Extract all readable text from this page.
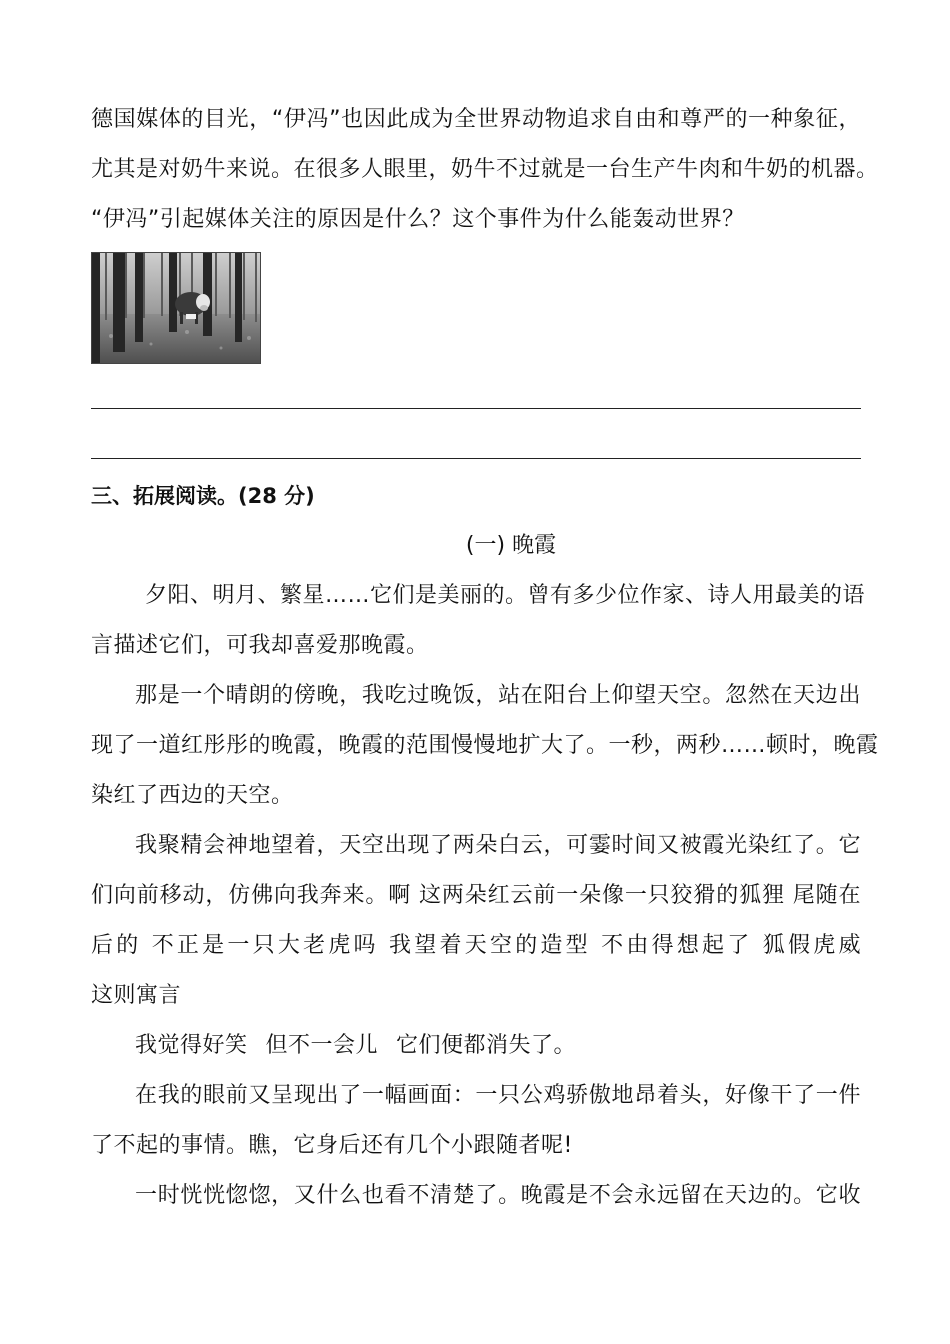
德国媒体的目光，“伊冯”也因此成为全世界动物追求自由和尊严的一种象征，
尤其是对奶牛来说。在很多人眼里，奶牛不过就是一台生产牛肉和牛奶的机器。
“伊冯”引起媒体关注的原因是什么？这个事件为什么能轰动世界？
三、拓展阅读。(28 分)
(一) 晚霞
夕阳、明月、繁星……它们是美丽的。曾有多少位作家、诗人用最美的语
言描述它们，可我却喜爱那晚霞。
那是一个晴朗的傍晚，我吃过晚饭，站在阳台上仰望天空。忽然在天边出
现了一道红彤彤的晚霞，晚霞的范围慢慢地扩大了。一秒，两秒……顿时，晚霞
染红了西边的天空。
我聚精会神地望着，天空出现了两朵白云，可霎时间又被霞光染红了。它
们向前移动，仿佛向我奔来。啊 这两朵红云前一朵像一只狡猾的狐狸 尾随在
后的 不正是一只大老虎吗 我望着天空的造型 不由得想起了 狐假虎威
这则寓言
我觉得好笑 但不一会儿 它们便都消失了。
在我的眼前又呈现出了一幅画面：一只公鸡骄傲地昂着头，好像干了一件
了不起的事情。瞧，它身后还有几个小跟随者呢!
一时恍恍惚惚，又什么也看不清楚了。晚霞是不会永远留在天边的。它收
